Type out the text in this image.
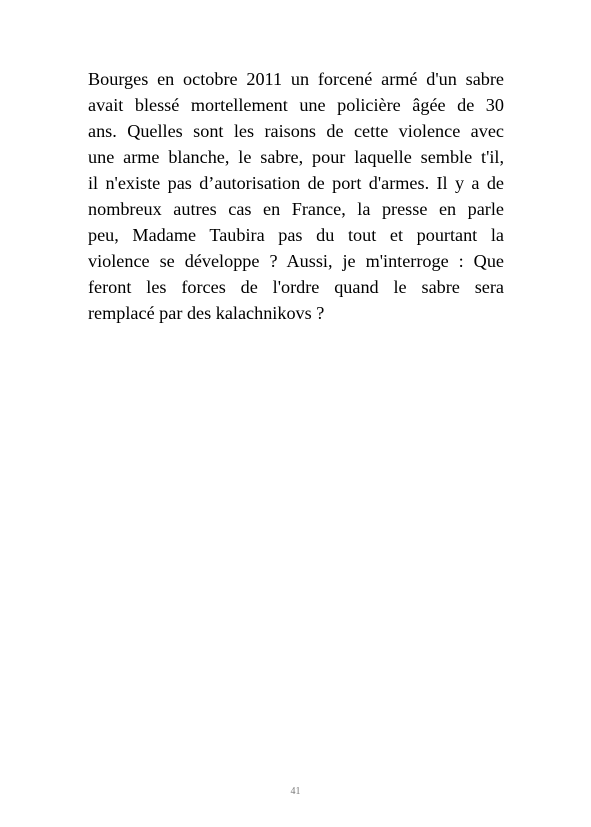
Bourges en octobre 2011 un forcené armé d'un sabre
avait blessé mortellement une policière âgée de 30
ans. Quelles sont les raisons de cette violence avec
une arme blanche, le sabre, pour laquelle semble t'il,
il n'existe pas d’autorisation de port d'armes. Il y a de
nombreux autres cas en France, la presse en parle
peu, Madame Taubira pas du tout et pourtant la
violence se développe ? Aussi, je m'interroge : Que
feront les forces de l'ordre quand le sabre sera
remplacé par des kalachnikovs ?
41
